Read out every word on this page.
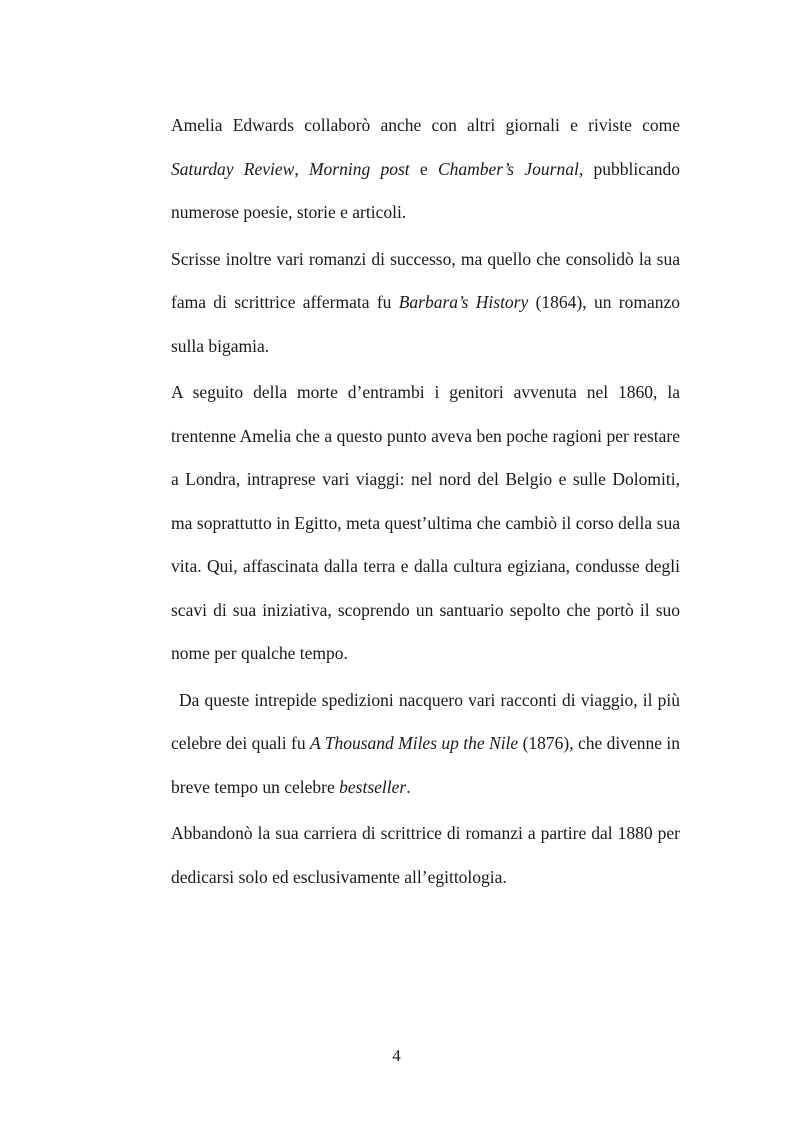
Amelia Edwards collaborò anche con altri giornali e riviste come Saturday Review, Morning post e Chamber’s Journal, pubblicando numerose poesie, storie e articoli.

Scrisse inoltre vari romanzi di successo, ma quello che consolidò la sua fama di scrittrice affermata fu Barbara’s History (1864), un romanzo sulla bigamia.

A seguito della morte d’entrambi i genitori avvenuta nel 1860, la trentenne Amelia che a questo punto aveva ben poche ragioni per restare a Londra, intraprese vari viaggi: nel nord del Belgio e sulle Dolomiti, ma soprattutto in Egitto, meta quest’ultima che cambiò il corso della sua vita. Qui, affascinata dalla terra e dalla cultura egiziana, condusse degli scavi di sua iniziativa, scoprendo un santuario sepolto che portò il suo nome per qualche tempo.

Da queste intrepide spedizioni nacquero vari racconti di viaggio, il più celebre dei quali fu A Thousand Miles up the Nile (1876), che divenne in breve tempo un celebre bestseller.

Abbandonò la sua carriera di scrittrice di romanzi a partire dal 1880 per dedicarsi solo ed esclusivamente all’egittologia.

4
